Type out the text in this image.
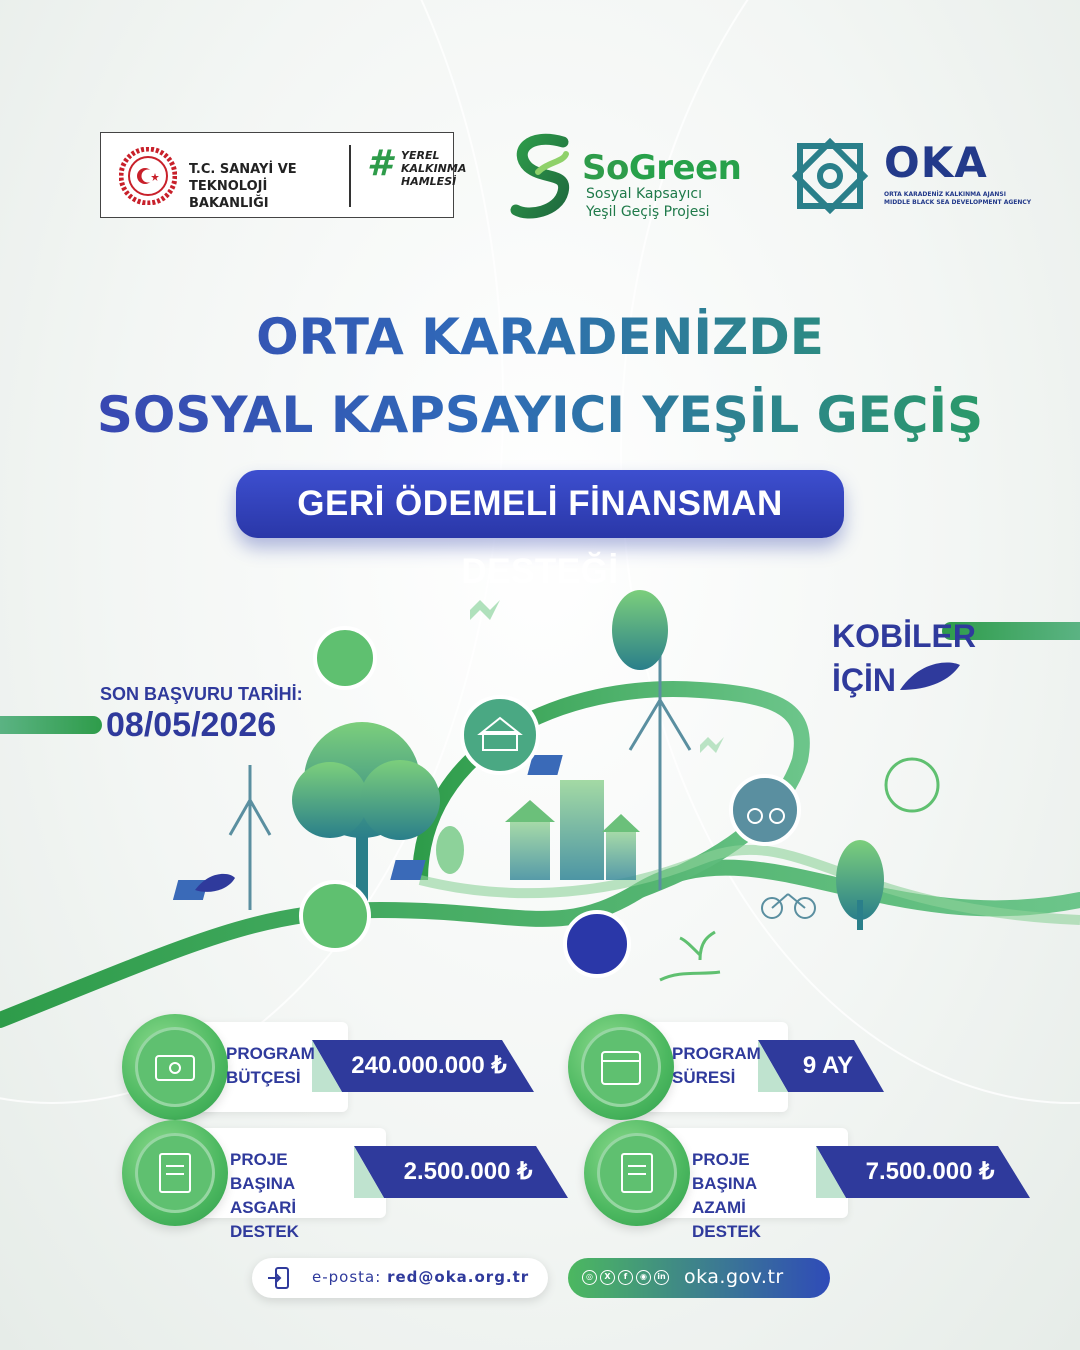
T.C. SANAYİ VE
TEKNOLOJİ BAKANLIĞI
# YEREL
KALKINMA
HAMLESİ	SoGreen
Sosyal Kapsayıcı
Yeşil Geçiş Projesi
OKA
ORTA KARADENİZ KALKINMA AJANSI
MIDDLE BLACK SEA DEVELOPMENT AGENCY
ORTA KARADENİZDE
SOSYAL KAPSAYICI YEŞİL GEÇİŞ
GERİ ÖDEMELİ FİNANSMAN DESTEĞİ
SON BAŞVURU TARİHİ:
08/05/2026
KOBİLER
İÇİN
240.000.000 ₺
PROGRAM
BÜTÇESİ	9 AY
PROGRAM
SÜRESİ
2.500.000 ₺
PROJE BAŞINA
ASGARİ DESTEK
7.500.000 ₺
PROJE BAŞINA
AZAMİ DESTEK
e-posta: red@oka.org.tr	◎	X	f	◉	in oka.gov.tr
